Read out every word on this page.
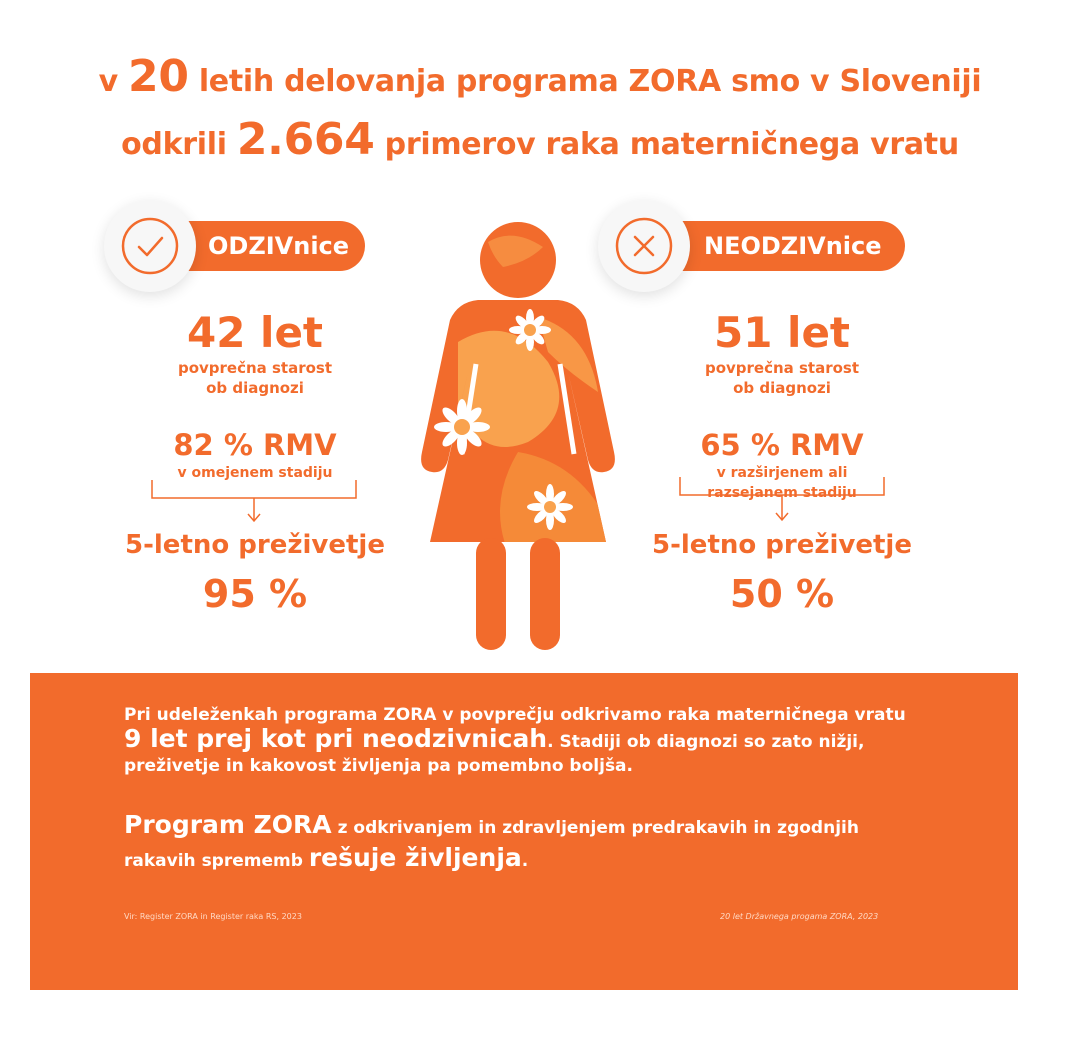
v 20 letih delovanja programa ZORA smo v Sloveniji
odkrili 2.664 primerov raka materničnega vratu
ODZIVnice	NEODZIVnice
42 let
povprečna starost
ob diagnozi
82 % RMV
v omejenem stadiju
5-letno preživetje
95 %
51 let
povprečna starost
ob diagnozi
65 % RMV
v razširjenem ali
razsejanem stadiju
5-letno preživetje
50 %
Pri udeleženkah programa ZORA v povprečju odkrivamo raka materničnega vratu
9 let prej kot pri neodzivnicah. Stadiji ob diagnozi so zato nižji, preživetje in kakovost življenja pa pomembno boljša.
Program ZORA z odkrivanjem in zdravljenjem predrakavih in zgodnjih rakavih sprememb rešuje življenja.
Vir: Register ZORA in Register raka RS, 2023	20 let Državnega progama ZORA, 2023
